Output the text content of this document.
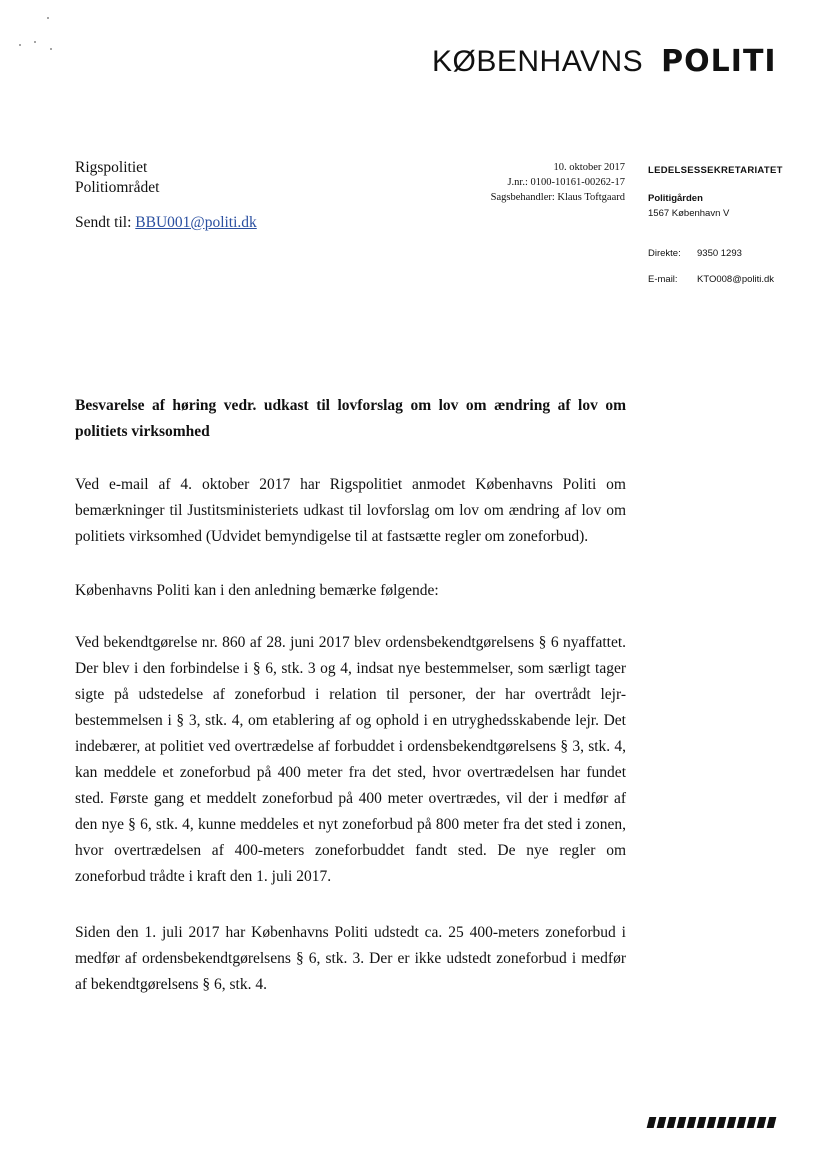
KØBENHAVNS POLITI
Rigspolitiet
Politiområdet
Sendt til: BBU001@politi.dk
10. oktober 2017
J.nr.: 0100-10161-00262-17
Sagsbehandler: Klaus Toftgaard
LEDELSESSEKRETARIATET
Politigården
1567 København V
Direkte:	9350 1293
E-mail:	KTO008@politi.dk
Besvarelse af høring vedr. udkast til lovforslag om lov om ændring af lov om politiets virksomhed

Ved e-mail af 4. oktober 2017 har Rigspolitiet anmodet Københavns Politi om bemærkninger til Justitsministeriets udkast til lovforslag om lov om ændring af lov om politiets virksomhed (Udvidet bemyndigelse til at fastsætte regler om zoneforbud).

Københavns Politi kan i den anledning bemærke følgende:

Ved bekendtgørelse nr. 860 af 28. juni 2017 blev ordensbekendtgørelsens § 6 nyaffattet. Der blev i den forbindelse i § 6, stk. 3 og 4, indsat nye bestemmelser, som særligt tager sigte på udstedelse af zoneforbud i relation til personer, der har overtrådt lejr-bestemmelsen i § 3, stk. 4, om etablering af og ophold i en utryghedsskabende lejr. Det indebærer, at politiet ved overtrædelse af forbuddet i ordensbekendtgørelsens § 3, stk. 4, kan meddele et zoneforbud på 400 meter fra det sted, hvor overtrædelsen har fundet sted. Første gang et meddelt zoneforbud på 400 meter overtrædes, vil der i medfør af den nye § 6, stk. 4, kunne meddeles et nyt zoneforbud på 800 meter fra det sted i zonen, hvor overtrædelsen af 400-meters zoneforbuddet fandt sted. De nye regler om zoneforbud trådte i kraft den 1. juli 2017.

Siden den 1. juli 2017 har Københavns Politi udstedt ca. 25 400-meters zoneforbud i medfør af ordensbekendtgørelsens § 6, stk. 3. Der er ikke udstedt zoneforbud i medfør af bekendtgørelsens § 6, stk. 4.
